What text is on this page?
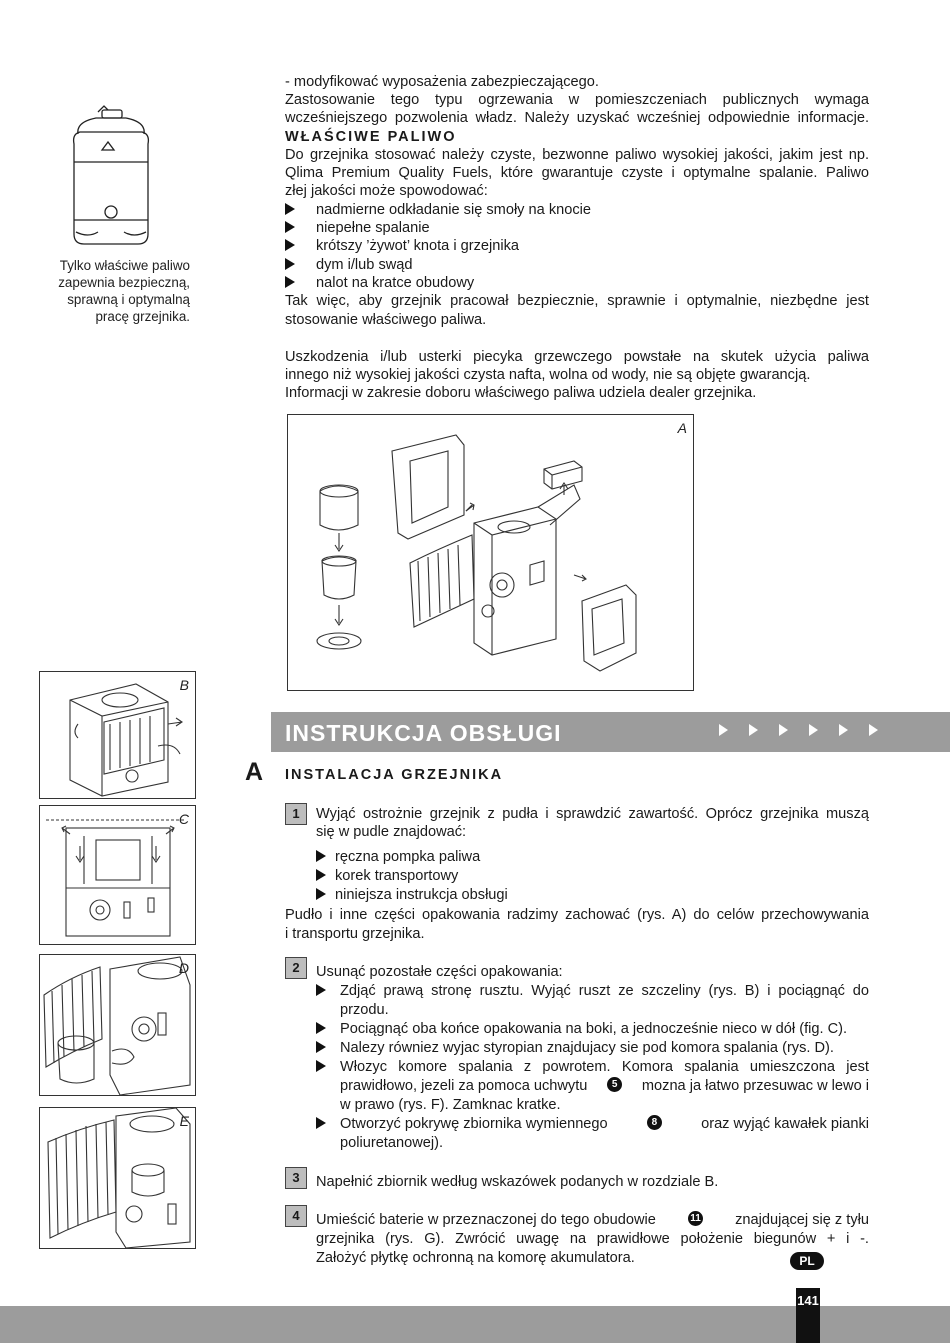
Tylko właściwe paliwo
zapewnia bezpieczną,
sprawną i optymalną
pracę grzejnika.
- modyfikować wyposażenia zabezpieczającego.
Zastosowanie tego typu ogrzewania w pomieszczeniach publicznych wymaga
wcześniejszego pozwolenia władz. Należy uzyskać wcześniej odpowiednie informacje.
WŁAŚCIWE PALIWO
Do grzejnika stosować należy czyste, bezwonne paliwo wysokiej jakości, jakim jest np.
Qlima Premium Quality Fuels, które gwarantuje czyste i optymalne spalanie. Paliwo
złej jakości może spowodować:
nadmierne odkładanie się smoły na knocie
niepełne spalanie
krótszy ’żywot’ knota i grzejnika
dym i/lub swąd
nalot na kratce obudowy
Tak więc, aby grzejnik pracował bezpiecznie, sprawnie i optymalnie, niezbędne jest
stosowanie właściwego paliwa.
Uszkodzenia i/lub usterki piecyka grzewczego powstałe na skutek użycia paliwa
innego niż wysokiej jakości czysta nafta, wolna od wody, nie są objęte gwarancją.
Informacji w zakresie doboru właściwego paliwa udziela dealer grzejnika.
A
B
C
D
E
INSTRUKCJA OBSŁUGI
A INSTALACJA GRZEJNIKA
1	Wyjąć ostrożnie grzejnik z pudła i sprawdzić zawartość. Oprócz grzejnika muszą
się w pudle znajdować:
ręczna pompka paliwa
korek transportowy
niniejsza instrukcja obsługi
Pudło i inne części opakowania radzimy zachować (rys. A) do celów przechowywania
i transportu grzejnika.
2	Usunąć pozostałe części opakowania:
Zdjąć prawą stronę rusztu. Wyjąć ruszt ze szczeliny (rys. B) i pociągnąć do
przodu.
Pociągnąć oba końce opakowania na boki, a jednocześnie nieco w dół (fig. C).
Nalezy równiez wyjac styropian znajdujacy sie pod komora spalania (rys. D).
Włozyc komore spalania z powrotem. Komora spalania umieszczona jest
prawidłowo, jezeli za pomoca uchwytu	5	mozna ja łatwo przesuwac w lewo i
w prawo (rys. F). Zamknac kratke.
Otworzyć pokrywę zbiornika wymiennego	8	oraz wyjąć kawałek pianki
poliuretanowej).
3	Napełnić zbiornik według wskazówek podanych w rozdziale B.
4	Umieścić baterie w przeznaczonej do tego obudowie	11 znajdującej się z tyłu
grzejnika (rys. G). Zwrócić uwagę na prawidłowe położenie biegunów + i -.
Założyć płytkę ochronną na komorę akumulatora.	PL
141
